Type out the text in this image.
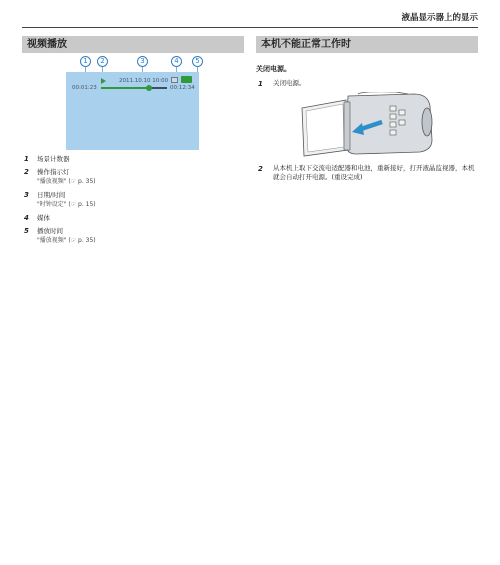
液晶显示器上的显示
视频播放
1	2	3	4	5
2011.10.10 10:00
00:01:23	00:12:34
1 场景计数器
2 操作指示灯
"播放视频" (☞ p. 35)
3 日期/时间
"时钟设定" (☞ p. 15)
4 媒体
5 播放时间
"播放视频" (☞ p. 35)
本机不能正常工作时
关闭电源。
1 关闭电源。
2 从本机上取下交流电适配器和电池，重新接好，打开液晶监视器，本机就会自动打开电源。(重设完成)
